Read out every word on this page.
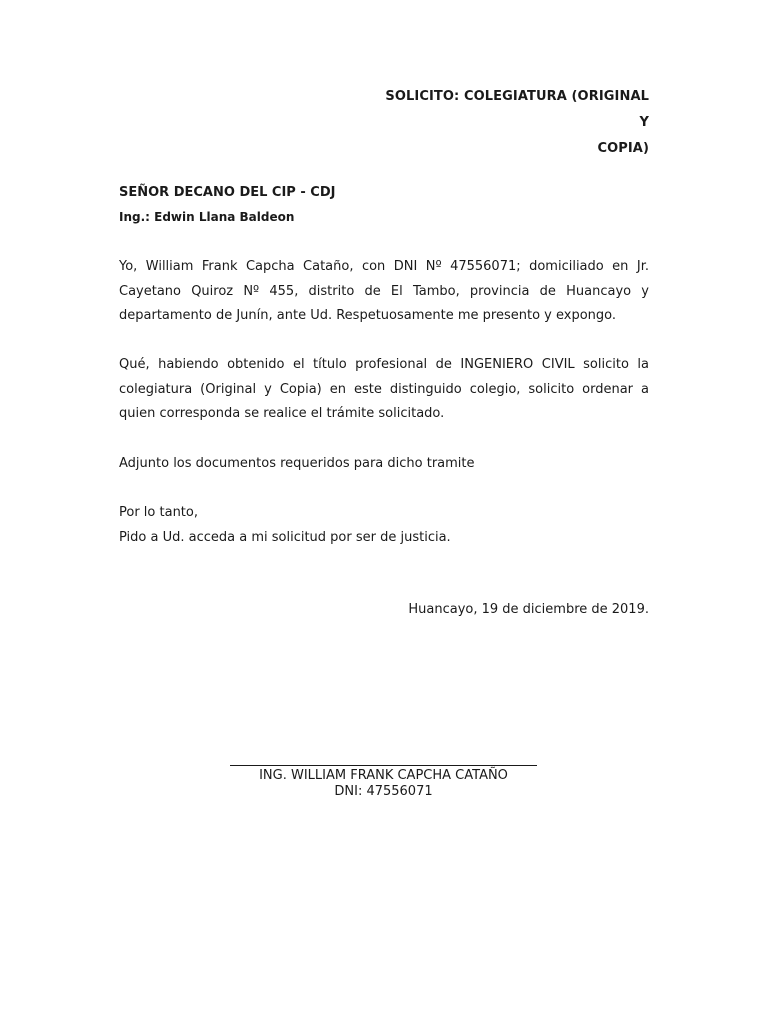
SOLICITO: COLEGIATURA (ORIGINAL Y
COPIA)
SEÑOR DECANO DEL CIP - CDJ
Ing.: Edwin Llana Baldeon

Yo, William Frank Capcha Cataño, con DNI Nº 47556071; domiciliado en Jr. Cayetano Quiroz Nº 455, distrito de El Tambo, provincia de Huancayo y departamento de Junín, ante Ud. Respetuosamente me presento y expongo.

Qué, habiendo obtenido el título profesional de INGENIERO CIVIL solicito la colegiatura (Original y Copia) en este distinguido colegio, solicito ordenar a quien corresponda se realice el trámite solicitado.

Adjunto los documentos requeridos para dicho tramite

Por lo tanto,
Pido a Ud. acceda a mi solicitud por ser de justicia.
Huancayo, 19 de diciembre de 2019.
ING. WILLIAM FRANK CAPCHA CATAÑO
DNI: 47556071
